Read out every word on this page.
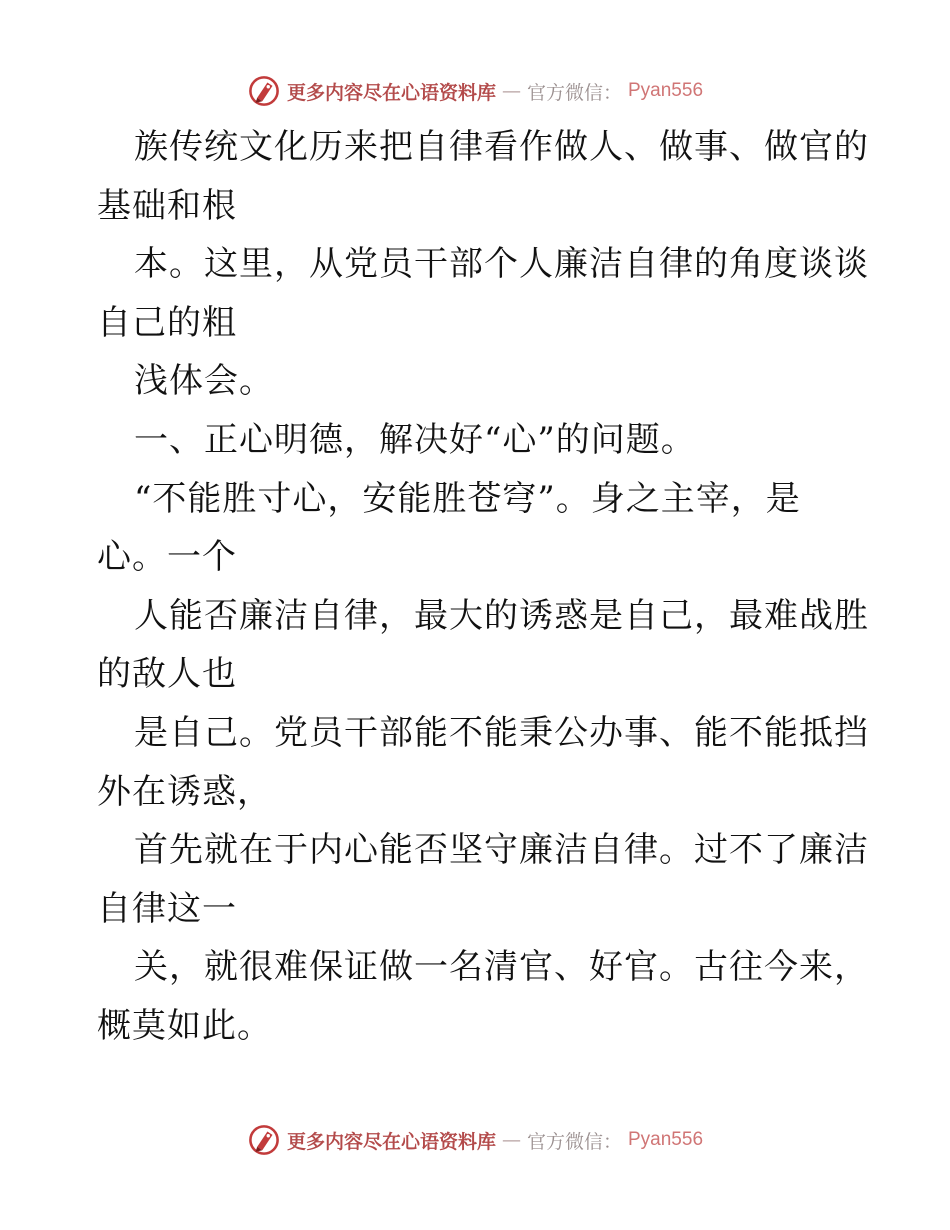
更多内容尽在心语资料库 — 官方微信： Pyan556
族传统文化历来把自律看作做人、做事、做官的
基础和根
本。这里，从党员干部个人廉洁自律的角度谈谈
自己的粗
浅体会。
一、正心明德，解决好“心”的问题。
“不能胜寸心，安能胜苍穹”。身之主宰，是
心。一个
人能否廉洁自律，最大的诱惑是自己，最难战胜
的敌人也
是自己。党员干部能不能秉公办事、能不能抵挡
外在诱惑，
首先就在于内心能否坚守廉洁自律。过不了廉洁
自律这一
关，就很难保证做一名清官、好官。古往今来，
概莫如此。
更多内容尽在心语资料库 — 官方微信： Pyan556
